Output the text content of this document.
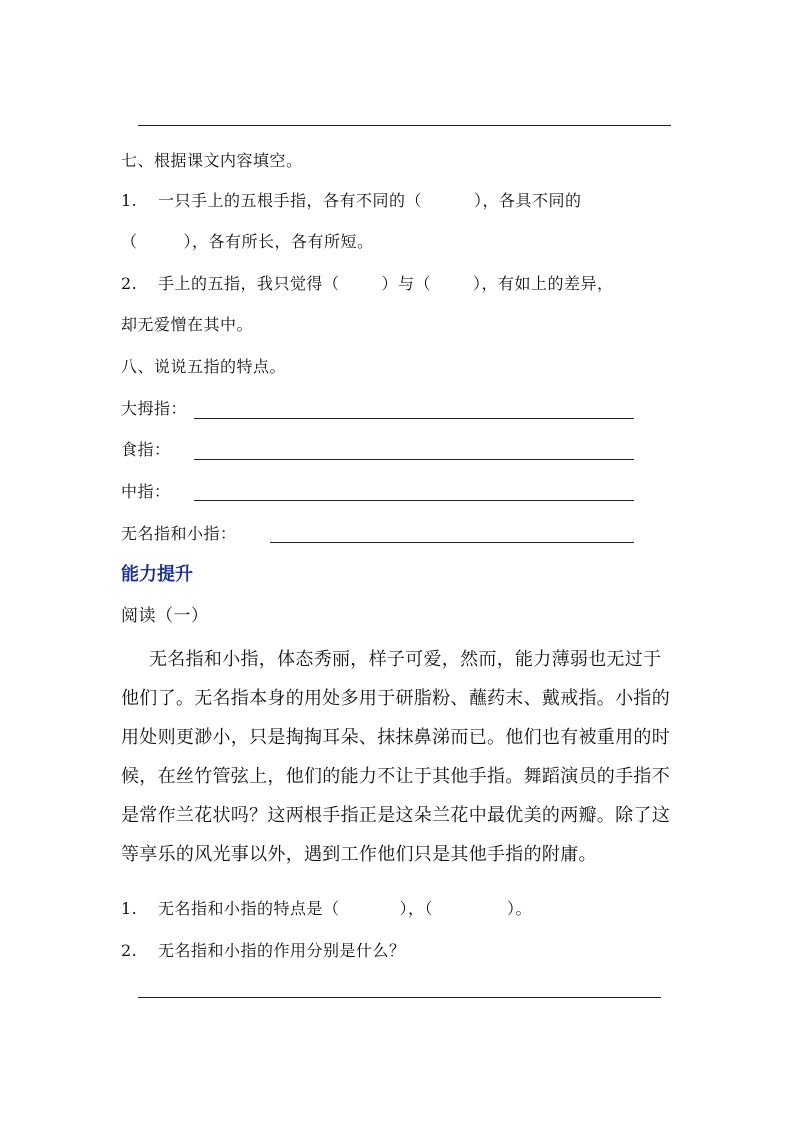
七、根据课文内容填空。
1. 一只手上的五根手指，各有不同的（	），各具不同的
（	），各有所长，各有所短。
2. 手上的五指，我只觉得（	）与（	），有如上的差异，
却无爱憎在其中。
八、说说五指的特点。
大拇指：
食指：
中指：
无名指和小指：
能力提升
阅读（一）
无名指和小指，体态秀丽，样子可爱，然而，能力薄弱也无过于
他们了。无名指本身的用处多用于研脂粉、蘸药末、戴戒指。小指的
用处则更渺小，只是掏掏耳朵、抹抹鼻涕而已。他们也有被重用的时
候，在丝竹管弦上，他们的能力不让于其他手指。舞蹈演员的手指不
是常作兰花状吗？这两根手指正是这朵兰花中最优美的两瓣。除了这
等享乐的风光事以外，遇到工作他们只是其他手指的附庸。
1. 无名指和小指的特点是（	），（	）。
2. 无名指和小指的作用分别是什么？
